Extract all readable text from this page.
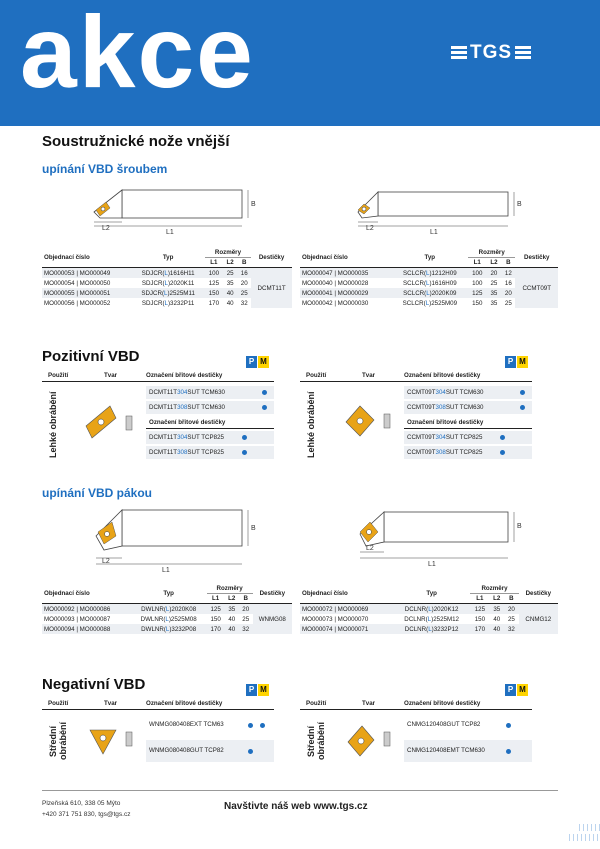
akce	TGS
Soustružnické nože vnější
upínání VBD šroubem
L2
L1
B
L2
L1
B
Objednací číslo	Typ	Rozměry			Destičky
		L1	L2	B	
MO000053 | MO000049	SDJCR(L)1616H11	100	25	16	DCMT11T
MO000054 | MO000050	SDJCR(L)2020K11	125	35	20	
MO000055 | MO000051	SDJCR(L)2525M11	150	40	25	
MO000056 | MO000052	SDJCR(L)3232P11	170	40	32	
Objednací číslo	Typ	Rozměry			Destičky
		L1	L2	B	
MO000047 | MO000035	SCLCR(L)1212H09	100	20	12	CCMT09T
MO000040 | MO000028	SCLCR(L)1616H09	100	25	16	
MO000041 | MO000029	SCLCR(L)2020K09	125	35	20	
MO000042 | MO000030	SCLCR(L)2525M09	150	35	25	
Pozitivní VBD	P M	P M
Použití	Tvar	Označení břitové destičky
Lehké obrábění	DCMT11T304SUT TCM630
DCMT11T308SUT TCM630
Označení břitové destičky
DCMT11T304SUT TCP825
DCMT11T308SUT TCP825
Použití	Tvar	Označení břitové destičky
Lehké obrábění	CCMT09T304SUT TCM630
CCMT09T308SUT TCM630
Označení břitové destičky
CCMT09T304SUT TCP825
CCMT09T308SUT TCP825
upínání VBD pákou
L2
L1
B
L2
L1
B
Objednací číslo	Typ	Rozměry			Destičky
		L1	L2	B	
MO000092 | MO000086	DWLNR(L)2020K08	125	35	20	WNMG08
MO000093 | MO000087	DWLNR(L)2525M08	150	40	25	
MO000094 | MO000088	DWLNR(L)3232P08	170	40	32	
Objednací číslo	Typ	Rozměry			Destičky
		L1	L2	B	
MO000072 | MO000069	DCLNR(L)2020K12	125	35	20	CNMG12
MO000073 | MO000070	DCLNR(L)2525M12	150	40	25	
MO000074 | MO000071	DCLNR(L)3232P12	170	40	32	
Negativní VBD	P M	P M
Použití	Tvar	Označení břitové destičky
Střední obrábění	WNMG080408EXT TCM63
WNMG080408GUT TCP82
Použití	Tvar	Označení břitové destičky
Střední obrábění	CNMG120408GUT TCP82
CNMG120408EMT TCM630
Plzeňská 610, 338 05 Mýto
+420 371 751 830, tgs@tgs.cz
Navštivte náš web www.tgs.cz
